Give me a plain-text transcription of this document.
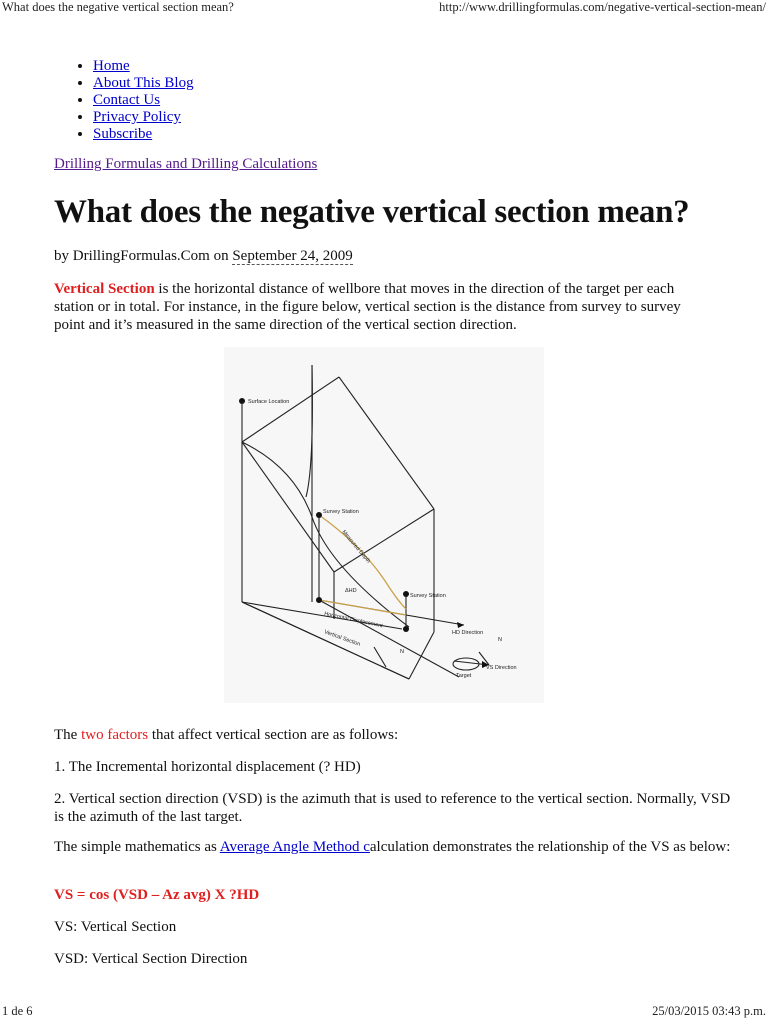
What does the negative vertical section mean?	http://www.drillingformulas.com/negative-vertical-section-mean/
• Home
• About This Blog
• Contact Us
• Privacy Policy
• Subscribe
Drilling Formulas and Drilling Calculations
What does the negative vertical section mean?
by DrillingFormulas.Com on September 24, 2009
Vertical Section is the horizontal distance of wellbore that moves in the direction of the target per each station or in total. For instance, in the figure below, vertical section is the distance from survey to survey point and it’s measured in the same direction of the vertical section direction.
Surface Location
Survey Station
Survey Station
Measured Depth
ΔHD
Horizontal Displacement
Vertical Section	HD Direction
VS Direction
Target
N
N
The two factors that affect vertical section are as follows:
1. The Incremental horizontal displacement (? HD)
2. Vertical section direction (VSD) is the azimuth that is used to reference to the vertical section. Normally, VSD is the azimuth of the last target.
The simple mathematics as Average Angle Method calculation demonstrates the relationship of the VS as below:
VS = cos (VSD – Az avg) X ?HD
VS: Vertical Section
VSD: Vertical Section Direction
1 de 6	25/03/2015 03:43 p.m.
